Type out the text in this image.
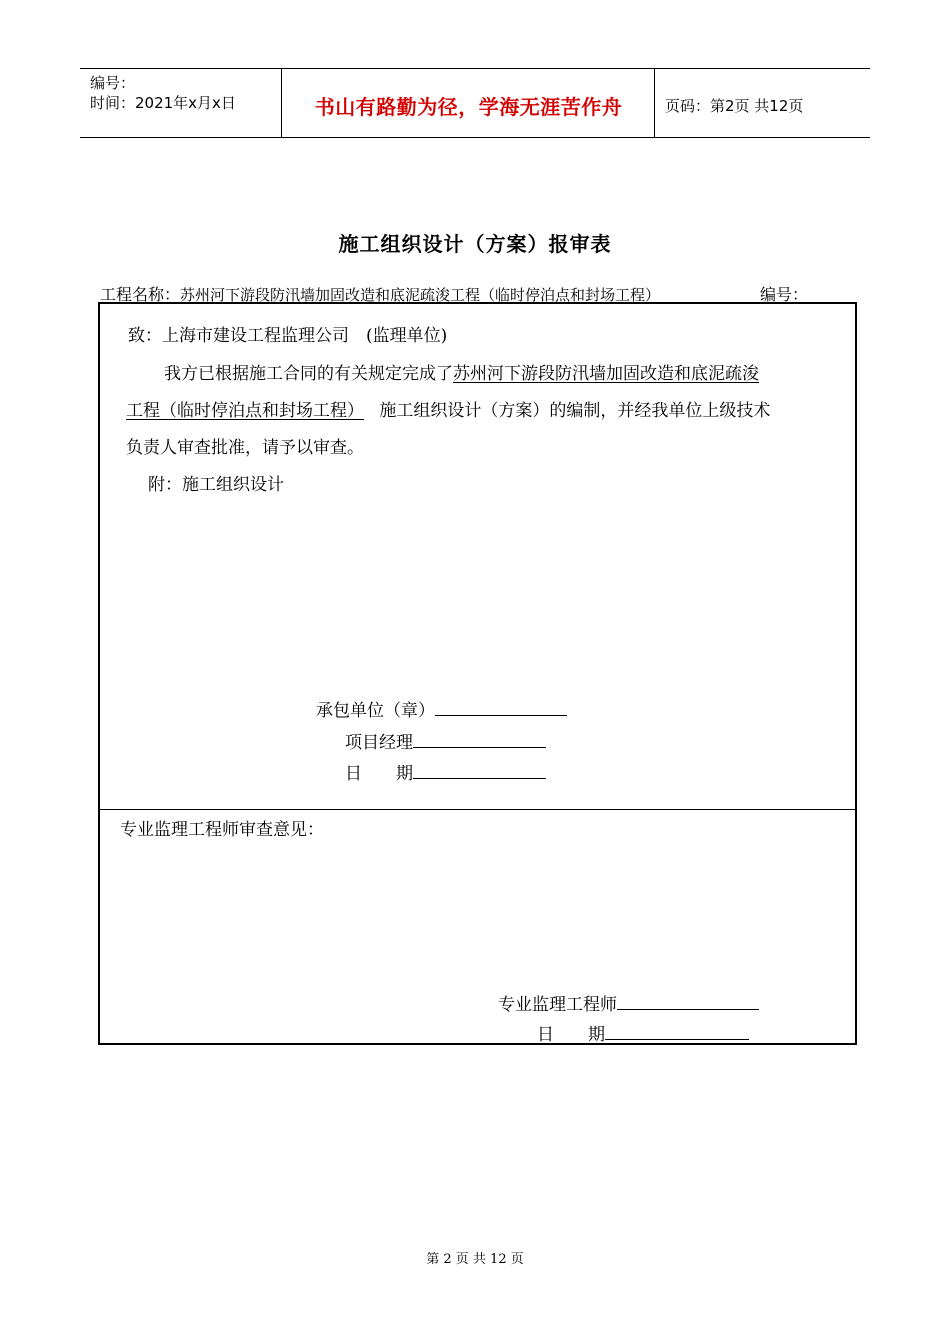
编号：
时间：2021年x月x日	书山有路勤为径，学海无涯苦作舟	页码：第2页 共12页
施工组织设计（方案）报审表
工程名称：苏州河下游段防汛墙加固改造和底泥疏浚工程（临时停泊点和封场工程）	编号：
致：上海市建设工程监理公司　(监理单位)
我方已根据施工合同的有关规定完成了苏州河下游段防汛墙加固改造和底泥疏浚
工程（临时停泊点和封场工程） 施工组织设计（方案）的编制，并经我单位上级技术
负责人审查批准，请予以审查。
附：施工组织设计
承包单位（章）
项目经理
日　　期
专业监理工程师审查意见：
专业监理工程师
日　　期
第 2 页 共 12 页
